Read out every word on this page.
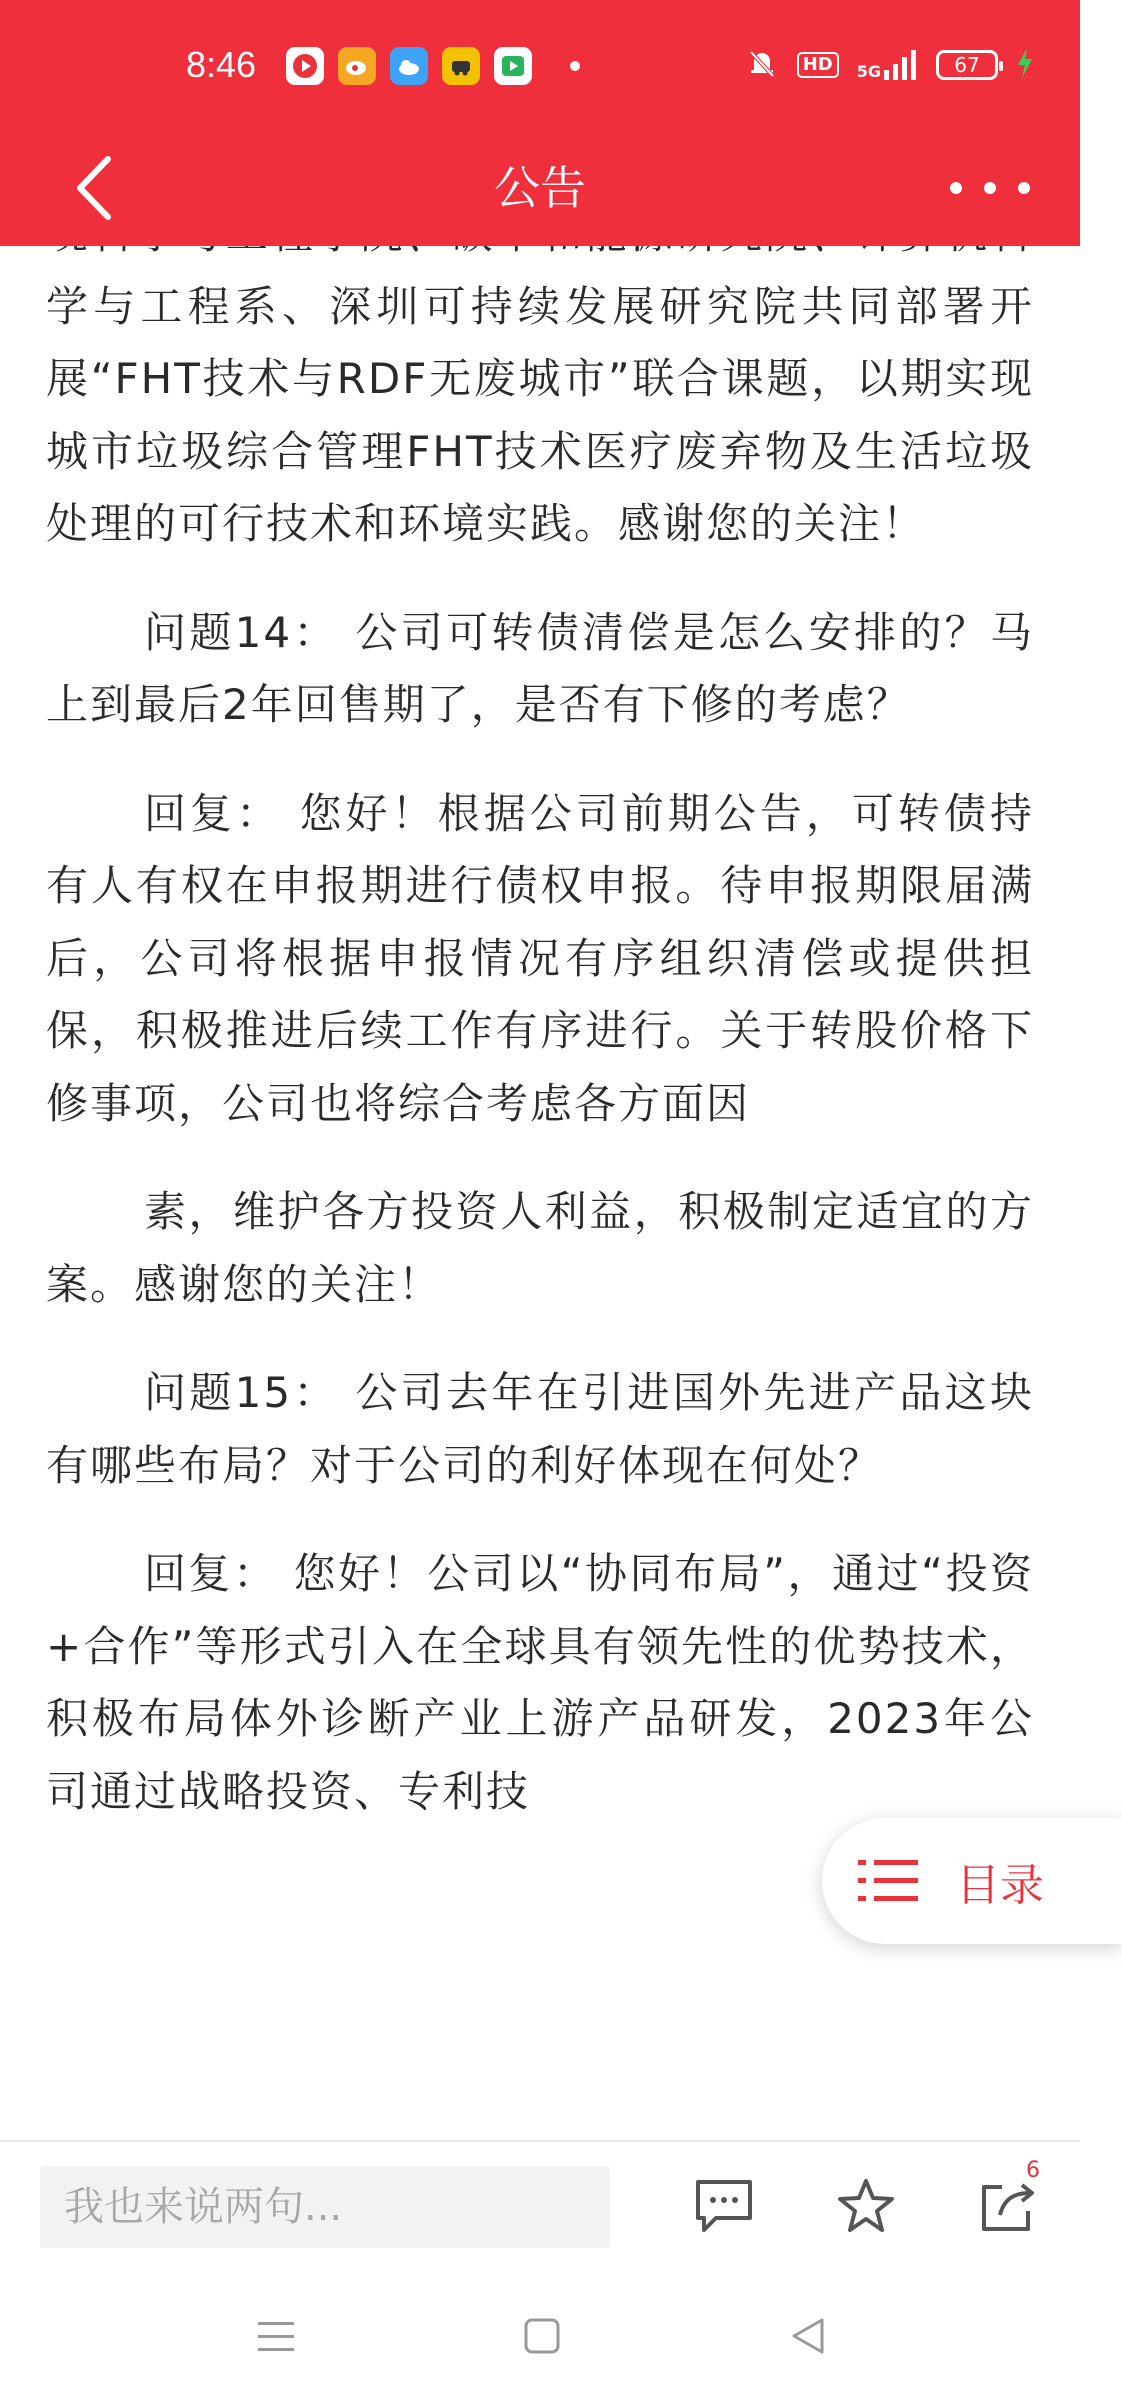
8:46	HD	5G	67
公告

学与工程系、深圳可持续发展研究院共同部署开展“FHT技术与RDF无废城市”联合课题，以期实现城市垃圾综合管理FHT技术医疗废弃物及生活垃圾处理的可行技术和环境实践。感谢您的关注！

问题14： 公司可转债清偿是怎么安排的？马上到最后2年回售期了，是否有下修的考虑？

回复： 您好！根据公司前期公告，可转债持有人有权在申报期进行债权申报。待申报期限届满后，公司将根据申报情况有序组织清偿或提供担保，积极推进后续工作有序进行。关于转股价格下修事项，公司也将综合考虑各方面因

素，维护各方投资人利益，积极制定适宜的方案。感谢您的关注！

问题15： 公司去年在引进国外先进产品这块有哪些布局？对于公司的利好体现在何处？

回复： 您好！公司以“协同布局”，通过“投资+合作”等形式引入在全球具有领先性的优势技术，积极布局体外诊断产业上游产品研发，2023年公司通过战略投资、专利技

目录
我也来说两句...
6
